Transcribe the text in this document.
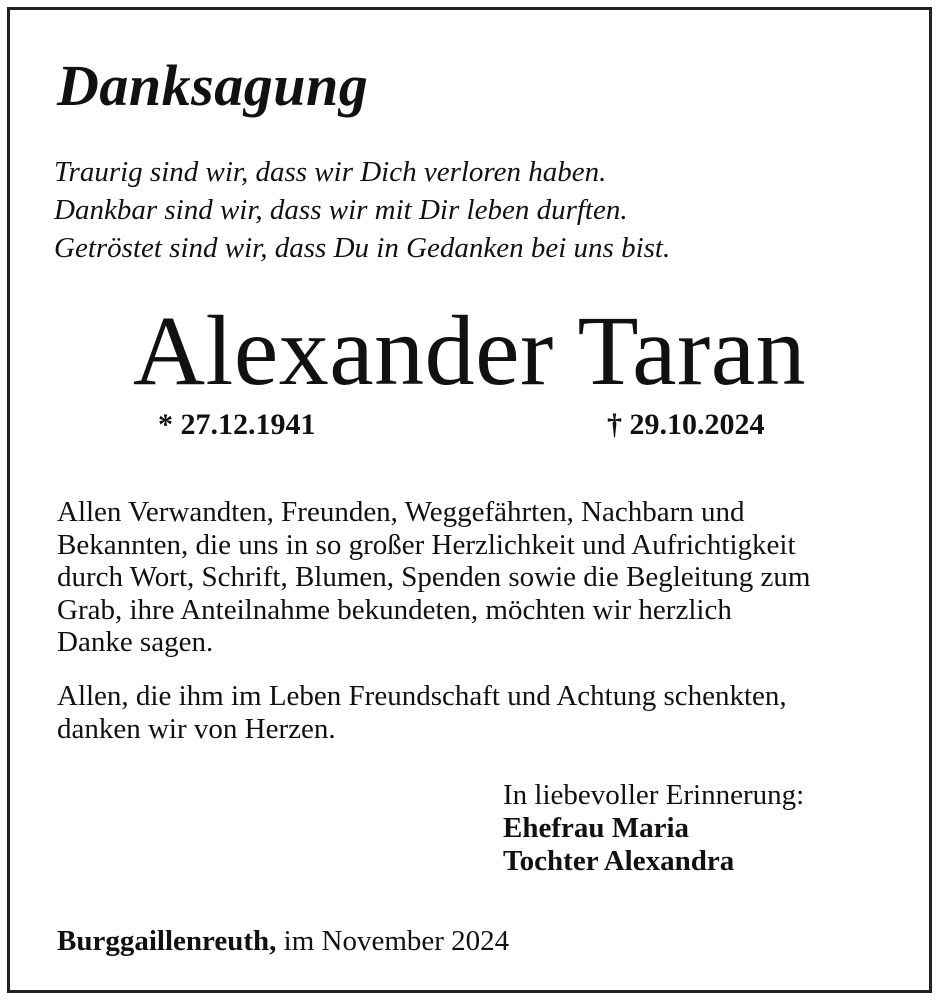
Danksagung
Traurig sind wir, dass wir Dich verloren haben.
Dankbar sind wir, dass wir mit Dir leben durften.
Getröstet sind wir, dass Du in Gedanken bei uns bist.
Alexander Taran
* 27.12.1941	† 29.10.2024
Allen Verwandten, Freunden, Weggefährten, Nachbarn und
Bekannten, die uns in so großer Herzlichkeit und Aufrichtigkeit
durch Wort, Schrift, Blumen, Spenden sowie die Begleitung zum
Grab, ihre Anteilnahme bekundeten, möchten wir herzlich
Danke sagen.
Allen, die ihm im Leben Freundschaft und Achtung schenkten,
danken wir von Herzen.
In liebevoller Erinnerung:
Ehefrau Maria
Tochter Alexandra
Burggaillenreuth, im November 2024
